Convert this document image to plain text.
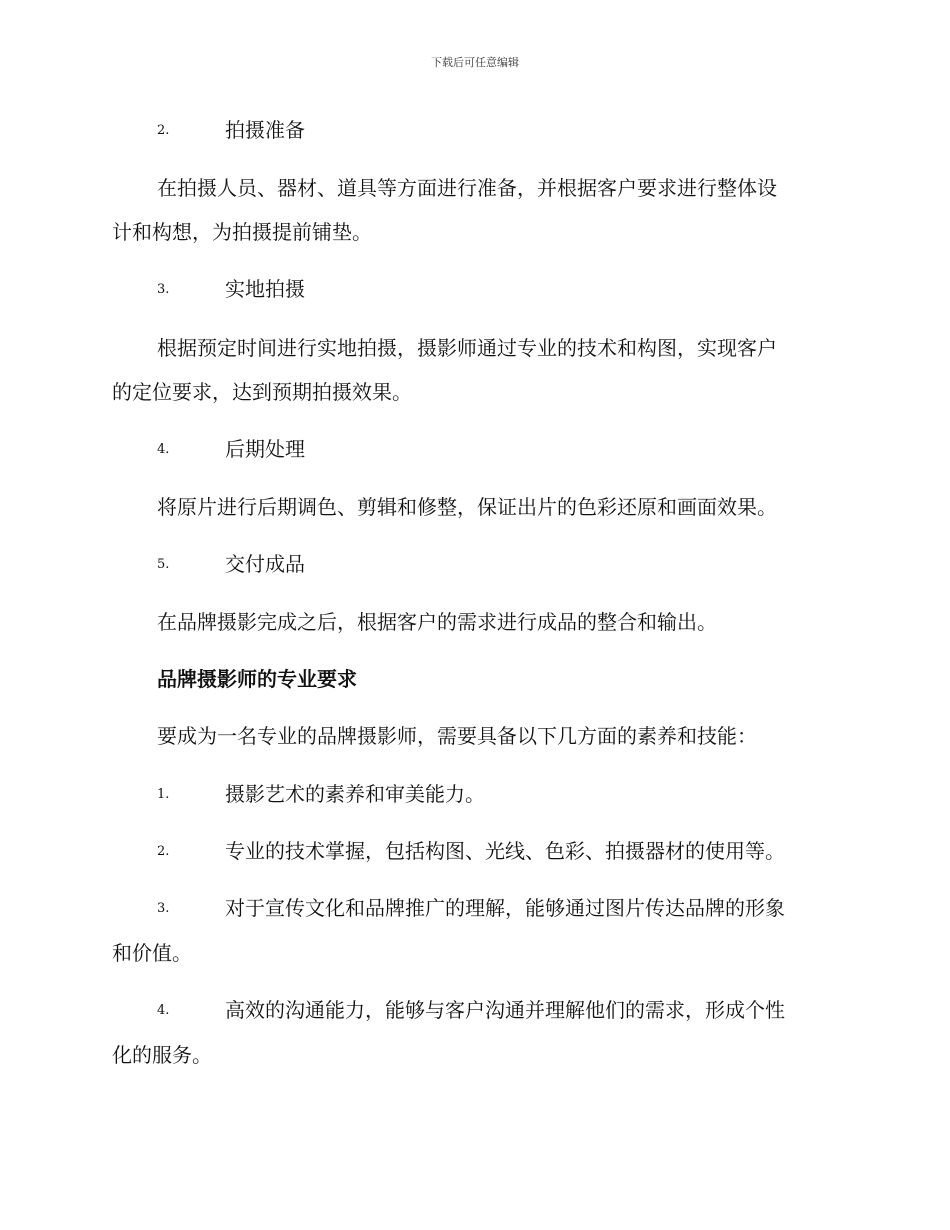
下载后可任意编辑
2.	拍摄准备
在拍摄人员、器材、道具等方面进行准备，并根据客户要求进行整体设
计和构想，为拍摄提前铺垫。
3.	实地拍摄
根据预定时间进行实地拍摄，摄影师通过专业的技术和构图，实现客户
的定位要求，达到预期拍摄效果。
4.	后期处理
将原片进行后期调色、剪辑和修整，保证出片的色彩还原和画面效果。
5.	交付成品
在品牌摄影完成之后，根据客户的需求进行成品的整合和输出。
品牌摄影师的专业要求
要成为一名专业的品牌摄影师，需要具备以下几方面的素养和技能：
1.	摄影艺术的素养和审美能力。
2.	专业的技术掌握，包括构图、光线、色彩、拍摄器材的使用等。
3.	对于宣传文化和品牌推广的理解，能够通过图片传达品牌的形象
和价值。
4.	高效的沟通能力，能够与客户沟通并理解他们的需求，形成个性
化的服务。
